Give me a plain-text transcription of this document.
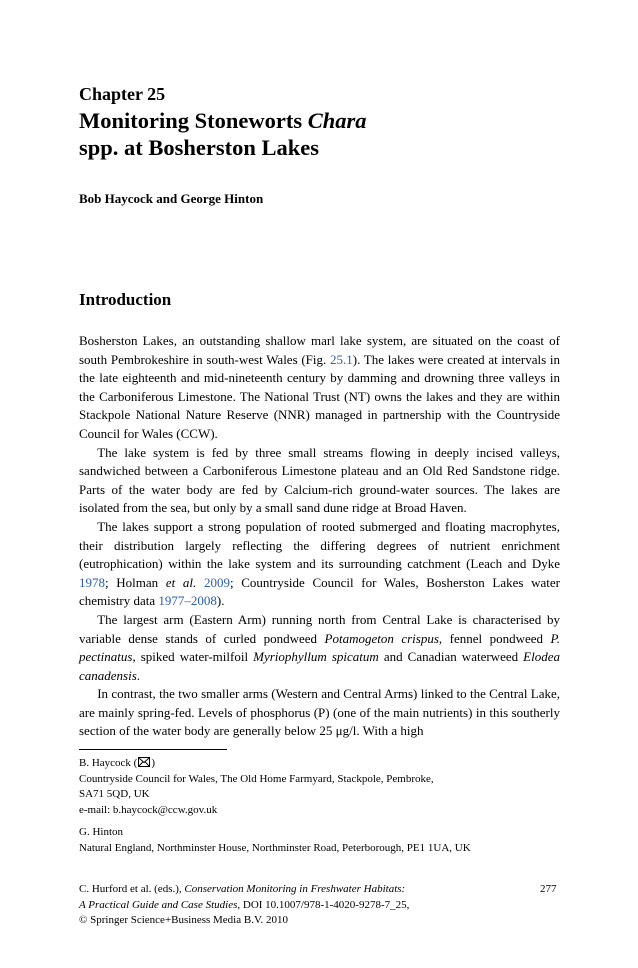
Chapter 25
Monitoring Stoneworts Chara
spp. at Bosherston Lakes
Bob Haycock and George Hinton
Introduction

Bosherston Lakes, an outstanding shallow marl lake system, are situated on the coast of south Pembrokeshire in south-west Wales (Fig. 25.1). The lakes were created at intervals in the late eighteenth and mid-nineteenth century by damming and drowning three valleys in the Carboniferous Limestone. The National Trust (NT) owns the lakes and they are within Stackpole National Nature Reserve (NNR) managed in partnership with the Countryside Council for Wales (CCW).

The lake system is fed by three small streams flowing in deeply incised valleys, sandwiched between a Carboniferous Limestone plateau and an Old Red Sandstone ridge. Parts of the water body are fed by Calcium-rich ground-water sources. The lakes are isolated from the sea, but only by a small sand dune ridge at Broad Haven.

The lakes support a strong population of rooted submerged and floating macrophytes, their distribution largely reflecting the differing degrees of nutrient enrichment (eutrophication) within the lake system and its surrounding catchment (Leach and Dyke 1978; Holman et al. 2009; Countryside Council for Wales, Bosherston Lakes water chemistry data 1977–2008).

The largest arm (Eastern Arm) running north from Central Lake is characterised by variable dense stands of curled pondweed Potamogeton crispus, fennel pondweed P. pectinatus, spiked water-milfoil Myriophyllum spicatum and Canadian waterweed Elodea canadensis.

In contrast, the two smaller arms (Western and Central Arms) linked to the Central Lake, are mainly spring-fed. Levels of phosphorus (P) (one of the main nutrients) in this southerly section of the water body are generally below 25 μg/l. With a high

B. Haycock ( )
Countryside Council for Wales, The Old Home Farmyard, Stackpole, Pembroke,
SA71 5QD, UK
e-mail: b.haycock@ccw.gov.uk
G. Hinton
Natural England, Northminster House, Northminster Road, Peterborough, PE1 1UA, UK
C. Hurford et al. (eds.), Conservation Monitoring in Freshwater Habitats:
A Practical Guide and Case Studies, DOI 10.1007/978-1-4020-9278-7_25,
© Springer Science+Business Media B.V. 2010
277
